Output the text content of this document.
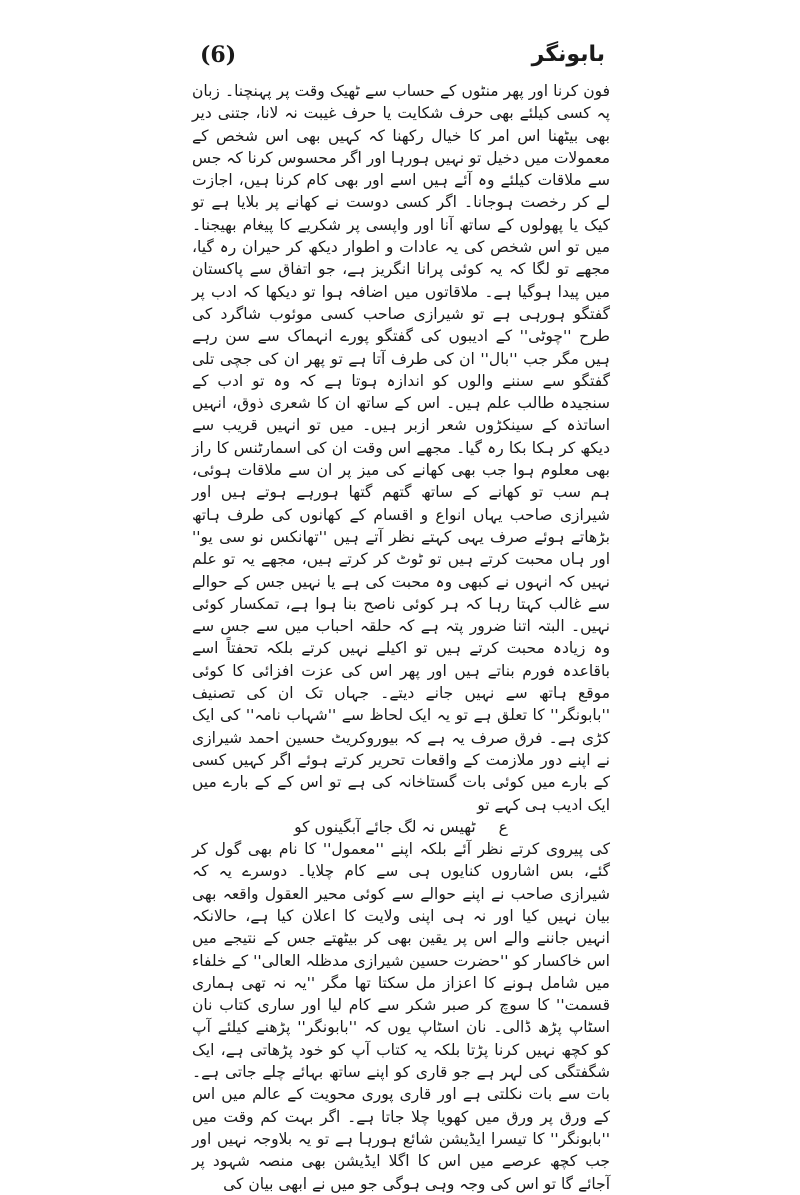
(6)	بابونگر

فون کرنا اور پھر منٹوں کے حساب سے ٹھیک وقت پر پہنچنا۔ زبان پہ کسی کیلئے بھی حرف شکایت یا حرف غیبت نہ لانا، جتنی دیر بھی بیٹھنا اس امر کا خیال رکھنا کہ کہیں بھی اس شخص کے معمولات میں دخیل تو نہیں ہورہا اور اگر محسوس کرنا کہ جس سے ملاقات کیلئے وہ آئے ہیں اسے اور بھی کام کرنا ہیں، اجازت لے کر رخصت ہوجانا۔ اگر کسی دوست نے کھانے پر بلایا ہے تو کیک یا پھولوں کے ساتھ آنا اور واپسی پر شکریے کا پیغام بھیجنا۔ میں تو اس شخص کی یہ عادات و اطوار دیکھ کر حیران رہ گیا، مجھے تو لگا کہ یہ کوئی پرانا انگریز ہے، جو اتفاق سے پاکستان میں پیدا ہوگیا ہے۔ ملاقاتوں میں اضافہ ہوا تو دیکھا کہ ادب پر گفتگو ہورہی ہے تو شیرازی صاحب کسی موئوب شاگرد کی طرح ''چوٹی'' کے ادیبوں کی گفتگو پورے انہماک سے سن رہے ہیں مگر جب ''بال'' ان کی طرف آتا ہے تو پھر ان کی جچی تلی گفتگو سے سننے والوں کو اندازہ ہوتا ہے کہ وہ تو ادب کے سنجیدہ طالب علم ہیں۔ اس کے ساتھ ان کا شعری ذوق، انہیں اساتذہ کے سینکڑوں شعر ازبر ہیں۔ میں تو انہیں قریب سے دیکھ کر ہکا بکا رہ گیا۔ مجھے اس وقت ان کی اسمارٹنس کا راز بھی معلوم ہوا جب بھی کھانے کی میز پر ان سے ملاقات ہوئی، ہم سب تو کھانے کے ساتھ گتھم گتھا ہورہے ہوتے ہیں اور شیرازی صاحب یہاں انواع و اقسام کے کھانوں کی طرف ہاتھ بڑھاتے ہوئے صرف یہی کہتے نظر آتے ہیں ''تھانکس نو سی یو'' اور ہاں محبت کرتے ہیں تو ٹوٹ کر کرتے ہیں، مجھے یہ تو علم نہیں کہ انہوں نے کبھی وہ محبت کی ہے یا نہیں جس کے حوالے سے غالب کہتا رہا کہ ہر کوئی ناصح بنا ہوا ہے، تمکسار کوئی نہیں۔ البتہ اتنا ضرور پتہ ہے کہ حلقہ احباب میں سے جس سے وہ زیادہ محبت کرتے ہیں تو اکیلے نہیں کرتے بلکہ تحفتاً اسے باقاعدہ فورم بناتے ہیں اور پھر اس کی عزت افزائی کا کوئی موقع ہاتھ سے نہیں جانے دیتے۔ جہاں تک ان کی تصنیف ''بابونگر'' کا تعلق ہے تو یہ ایک لحاظ سے ''شہاب نامہ'' کی ایک کڑی ہے۔ فرق صرف یہ ہے کہ بیوروکریٹ حسین احمد شیرازی نے اپنے دور ملازمت کے واقعات تحریر کرتے ہوئے اگر کہیں کسی کے بارے میں کوئی بات گستاخانہ کی ہے تو اس کے کے بارے میں ایک ادیب ہی کہے تو

ع ٹھیس نہ لگ جائے آبگینوں کو

کی پیروی کرتے نظر آئے بلکہ اپنے ''معمول'' کا نام بھی گول کر گئے، بس اشاروں کنایوں ہی سے کام چلایا۔ دوسرے یہ کہ شیرازی صاحب نے اپنے حوالے سے کوئی محیر العقول واقعہ بھی بیان نہیں کیا اور نہ ہی اپنی ولایت کا اعلان کیا ہے، حالانکہ انہیں جاننے والے اس پر یقین بھی کر بیٹھتے جس کے نتیجے میں اس خاکسار کو ''حضرت حسین شیرازی مدظلہ العالی'' کے خلفاء میں شامل ہونے کا اعزاز مل سکتا تھا مگر ''یہ نہ تھی ہماری قسمت'' کا سوچ کر صبر شکر سے کام لیا اور ساری کتاب نان اسٹاپ پڑھ ڈالی۔ نان اسٹاپ یوں کہ ''بابونگر'' پڑھنے کیلئے آپ کو کچھ نہیں کرنا پڑتا بلکہ یہ کتاب آپ کو خود پڑھاتی ہے، ایک شگفتگی کی لہر ہے جو قاری کو اپنے ساتھ بہائے چلے جاتی ہے۔ بات سے بات نکلتی ہے اور قاری پوری محویت کے عالم میں اس کے ورق پر ورق میں کھویا چلا جاتا ہے۔ اگر بہت کم وقت میں ''بابونگر'' کا تیسرا ایڈیشن شائع ہورہا ہے تو یہ بلاوجہ نہیں اور جب کچھ عرصے میں اس کا اگلا ایڈیشن بھی منصہ شہود پر آجائے گا تو اس کی وجہ وہی ہوگی جو میں نے ابھی بیان کی
